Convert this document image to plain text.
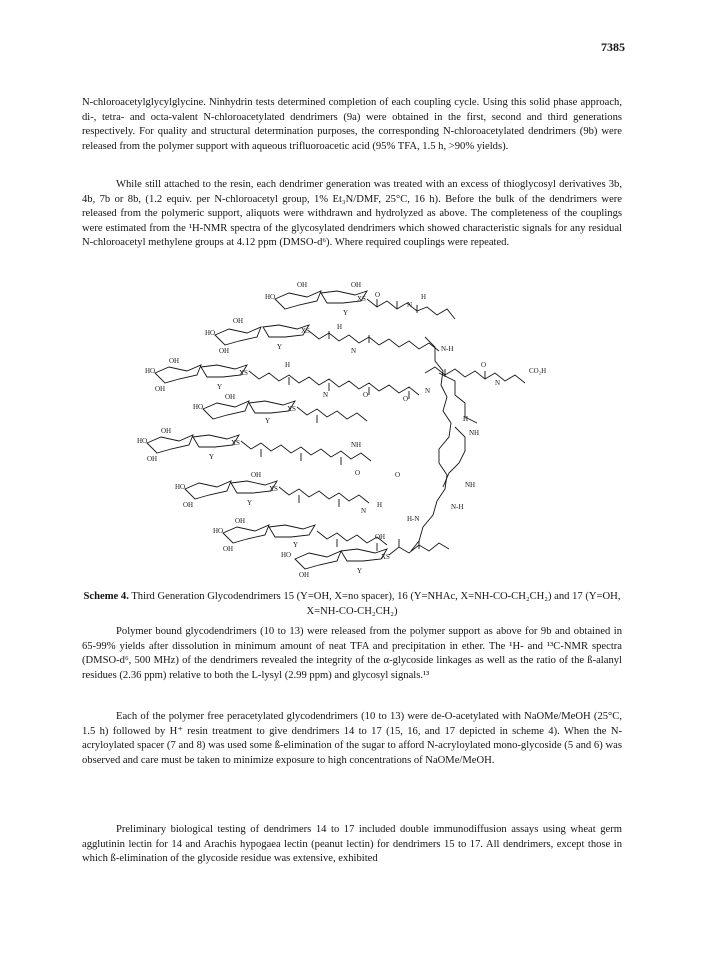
7385

N-chloroacetylglycylglycine. Ninhydrin tests determined completion of each coupling cycle. Using this solid phase approach, di-, tetra- and octa-valent N-chloroacetylated dendrimers (9a) were obtained in the first, second and third generations respectively. For quality and structural determination purposes, the corresponding N-chloroacetylated dendrimers (9b) were released from the polymer support with aqueous trifluoroacetic acid (95% TFA, 1.5 h, >90% yields).

While still attached to the resin, each dendrimer generation was treated with an excess of thioglycosyl derivatives 3b, 4b, 7b or 8b, (1.2 equiv. per N-chloroacetyl group, 1% Et₃N/DMF, 25°C, 16 h). Before the bulk of the dendrimers were released from the polymeric support, aliquots were withdrawn and hydrolyzed as above. The completeness of the couplings were estimated from the ¹H-NMR spectra of the glycosylated dendrimers which showed characteristic signals for any residual N-chloroacetyl methylene groups at 4.12 ppm (DMSO-d⁶). Where required couplings were repeated.

OH	OH
HO
Y
XS
HO
OH
OH	Y
XS
HO
OH
OH	Y
XS
HO
OH
Y
XS
HO
OH
OH	Y
XS
HO
OH
OH	Y
XS
HO
OH
OH	Y
HO
OH	Y
OH
XS
O
N
H
N-H
H
N
H
N	O	O
N
O
N
CO₂H
H
NH
NH
O	O
NH
N-H
H-N
N
H
Scheme 4. Third Generation Glycodendrimers 15 (Y=OH, X=no spacer), 16 (Y=NHAc, X=NH-CO-CH₂CH₂) and 17 (Y=OH, X=NH-CO-CH₂CH₂)

Polymer bound glycodendrimers (10 to 13) were released from the polymer support as above for 9b and obtained in 65-99% yields after dissolution in minimum amount of neat TFA and precipitation in ether. The ¹H- and ¹³C-NMR spectra (DMSO-d⁶, 500 MHz) of the dendrimers revealed the integrity of the α-glycoside linkages as well as the ratio of the ß-alanyl residues (2.36 ppm) relative to both the L-lysyl (2.99 ppm) and glycosyl signals.¹³

Each of the polymer free peracetylated glycodendrimers (10 to 13) were de-O-acetylated with NaOMe/MeOH (25°C, 1.5 h) followed by H⁺ resin treatment to give dendrimers 14 to 17 (15, 16, and 17 depicted in scheme 4). When the N-acryloylated spacer (7 and 8) was used some ß-elimination of the sugar to afford N-acryloylated mono-glycoside (5 and 6) was observed and care must be taken to minimize exposure to high concentrations of NaOMe/MeOH.

Preliminary biological testing of dendrimers 14 to 17 included double immunodiffusion assays using wheat germ agglutinin lectin for 14 and Arachis hypogaea lectin (peanut lectin) for dendrimers 15 to 17. All dendrimers, except those in which ß-elimination of the glycoside residue was extensive, exhibited
